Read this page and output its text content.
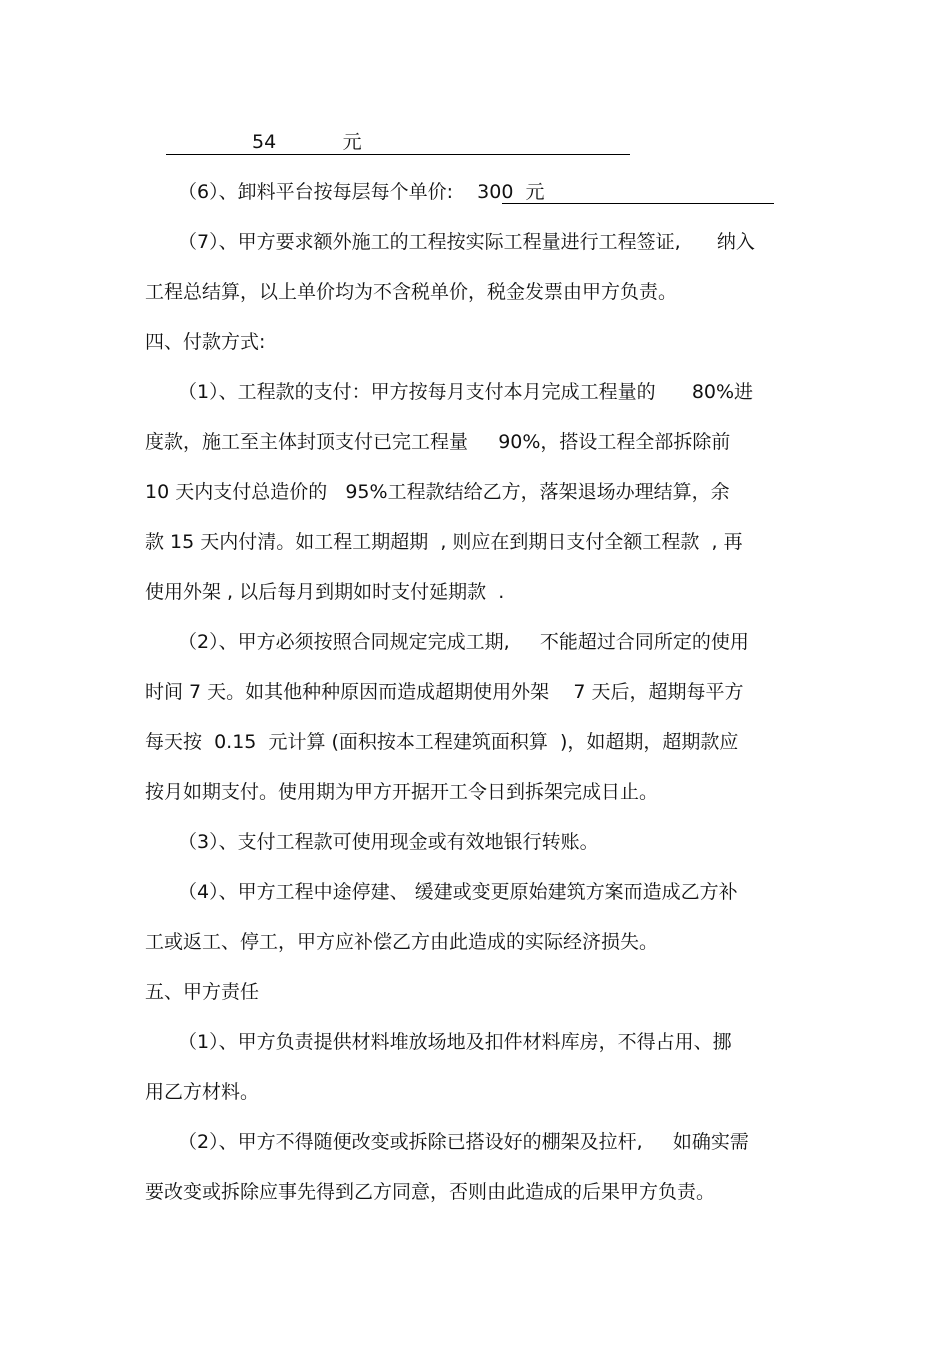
54           元
（6）、卸料平台按每层每个单价:    300  元
（7）、甲方要求额外施工的工程按实际工程量进行工程签证,      纳入
工程总结算，以上单价均为不含税单价，税金发票由甲方负责。
四、付款方式:
（1）、工程款的支付：甲方按每月支付本月完成工程量的      80%进
度款，施工至主体封顶支付已完工程量     90%，搭设工程全部拆除前
10 天内支付总造价的   95%工程款结给乙方，落架退场办理结算，余
款 15 天内付清。如工程工期超期  , 则应在到期日支付全额工程款  , 再
使用外架 , 以后每月到期如时支付延期款  .
（2）、甲方必须按照合同规定完成工期,     不能超过合同所定的使用
时间 7 天。如其他种种原因而造成超期使用外架    7 天后，超期每平方
每天按  0.15  元计算 (面积按本工程建筑面积算  )，如超期，超期款应
按月如期支付。使用期为甲方开据开工令日到拆架完成日止。
（3）、支付工程款可使用现金或有效地银行转账。
（4）、甲方工程中途停建、 缓建或变更原始建筑方案而造成乙方补
工或返工、停工，甲方应补偿乙方由此造成的实际经济损失。
五、甲方责任
（1）、甲方负责提供材料堆放场地及扣件材料库房，不得占用、挪
用乙方材料。
（2）、甲方不得随便改变或拆除已搭设好的棚架及拉杆,     如确实需
要改变或拆除应事先得到乙方同意，否则由此造成的后果甲方负责。
